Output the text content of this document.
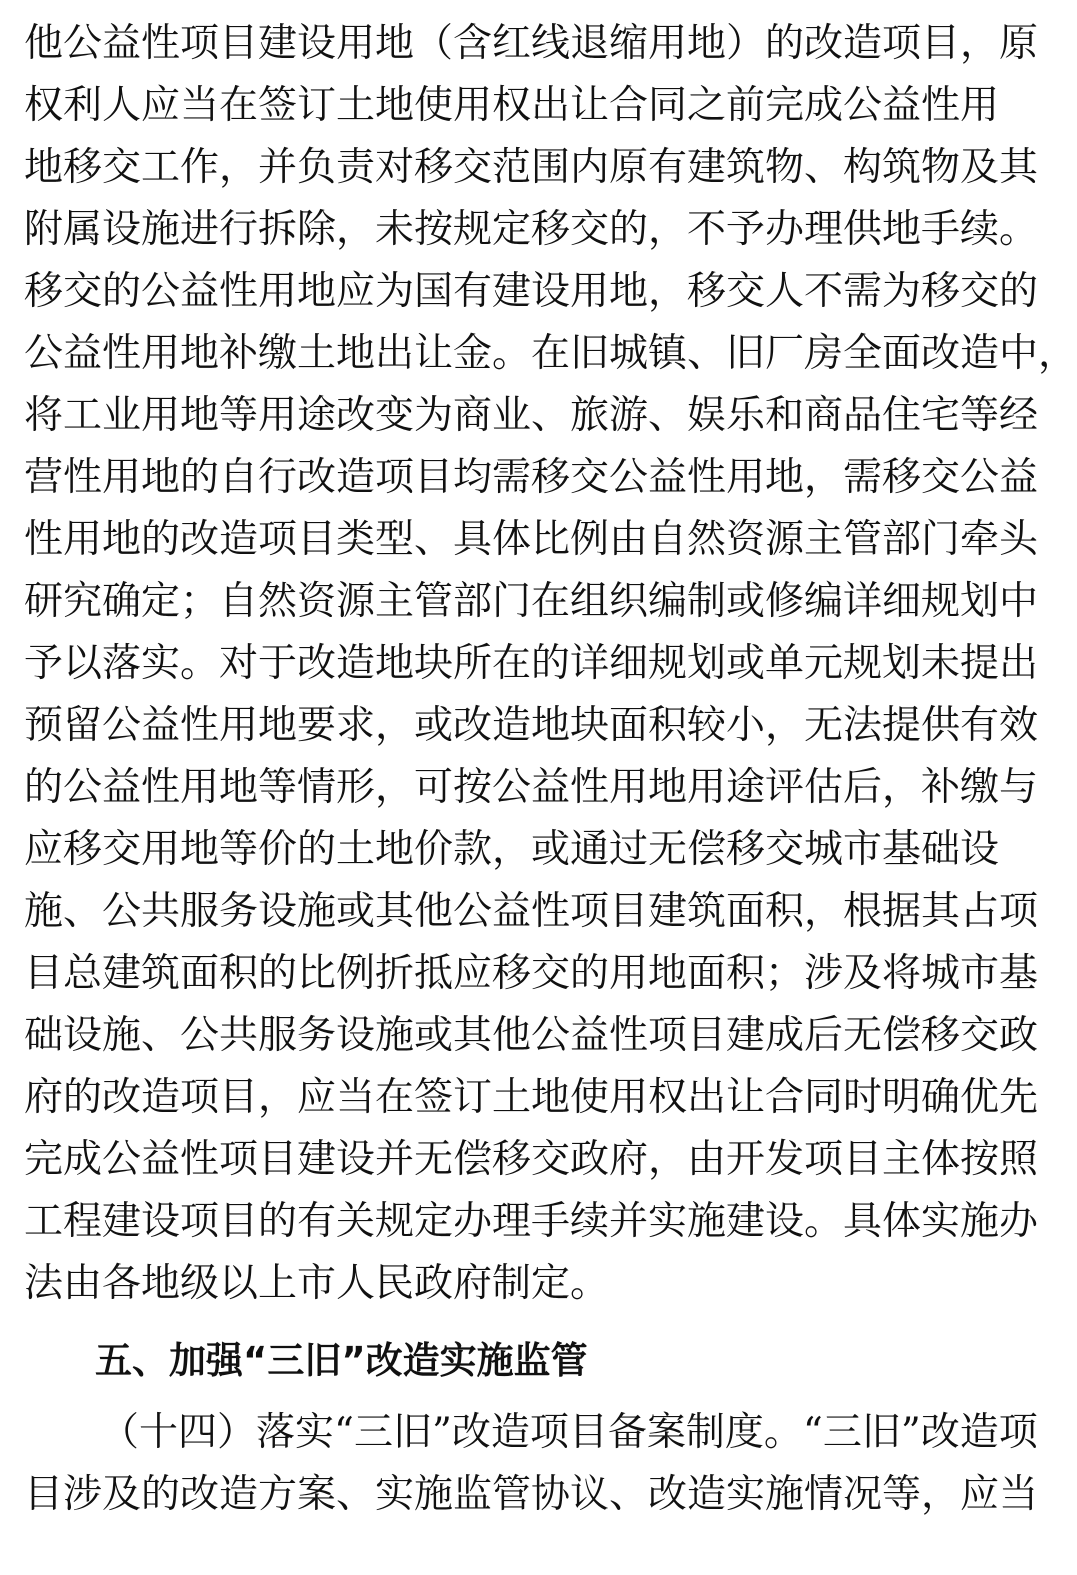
他公益性项目建设用地（含红线退缩用地）的改造项目，原
权利人应当在签订土地使用权出让合同之前完成公益性用
地移交工作，并负责对移交范围内原有建筑物、构筑物及其
附属设施进行拆除，未按规定移交的，不予办理供地手续。
移交的公益性用地应为国有建设用地，移交人不需为移交的
公益性用地补缴土地出让金。在旧城镇、旧厂房全面改造中，
将工业用地等用途改变为商业、旅游、娱乐和商品住宅等经
营性用地的自行改造项目均需移交公益性用地，需移交公益
性用地的改造项目类型、具体比例由自然资源主管部门牵头
研究确定；自然资源主管部门在组织编制或修编详细规划中
予以落实。对于改造地块所在的详细规划或单元规划未提出
预留公益性用地要求，或改造地块面积较小，无法提供有效
的公益性用地等情形，可按公益性用地用途评估后，补缴与
应移交用地等价的土地价款，或通过无偿移交城市基础设
施、公共服务设施或其他公益性项目建筑面积，根据其占项
目总建筑面积的比例折抵应移交的用地面积；涉及将城市基
础设施、公共服务设施或其他公益性项目建成后无偿移交政
府的改造项目，应当在签订土地使用权出让合同时明确优先
完成公益性项目建设并无偿移交政府，由开发项目主体按照
工程建设项目的有关规定办理手续并实施建设。具体实施办
法由各地级以上市人民政府制定。
五、加强“三旧”改造实施监管
（十四）落实“三旧”改造项目备案制度。“三旧”改造项
目涉及的改造方案、实施监管协议、改造实施情况等，应当
